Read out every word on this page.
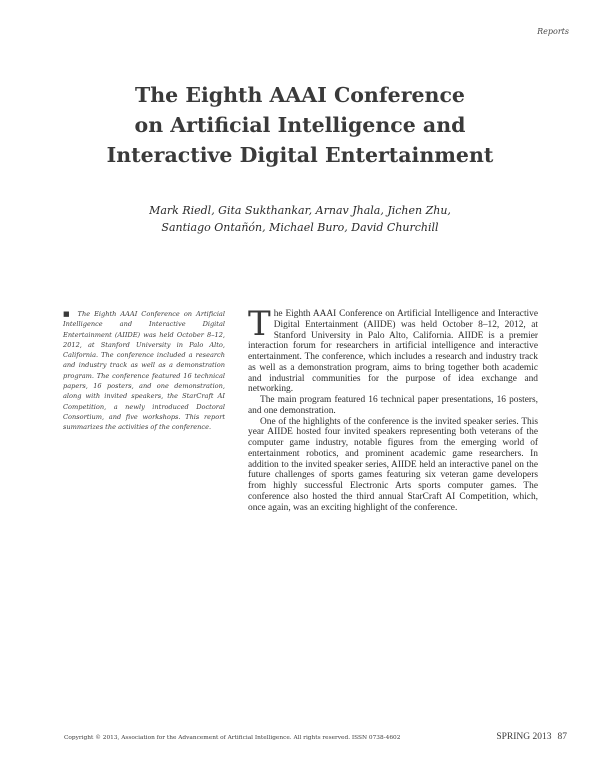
Reports
The Eighth AAAI Conference
on Artificial Intelligence and
Interactive Digital Entertainment
Mark Riedl, Gita Sukthankar, Arnav Jhala, Jichen Zhu,
Santiago Ontañón, Michael Buro, David Churchill
■ The Eighth AAAI Conference on Artificial Intelligence and Interactive Digital Entertainment (AIIDE) was held October 8–12, 2012, at Stanford University in Palo Alto, California. The conference included a research and industry track as well as a demonstration program. The conference featured 16 technical papers, 16 posters, and one demonstration, along with invited speakers, the StarCraft AI Competition, a newly introduced Doctoral Consortium, and five workshops. This report summarizes the activities of the conference.

The Eighth AAAI Conference on Artificial Intelligence and Interactive Digital Entertainment (AIIDE) was held October 8–12, 2012, at Stanford University in Palo Alto, California. AIIDE is a premier interaction forum for researchers in artificial intelligence and interactive entertainment. The conference, which includes a research and industry track as well as a demonstration program, aims to bring together both academic and industrial communities for the purpose of idea exchange and networking.

The main program featured 16 technical paper presentations, 16 posters, and one demonstration.

One of the highlights of the conference is the invited speaker series. This year AIIDE hosted four invited speakers representing both veterans of the computer game industry, notable figures from the emerging world of entertainment robotics, and prominent academic game researchers. In addition to the invited speaker series, AIIDE held an interactive panel on the future challenges of sports games featuring six veteran game developers from highly successful Electronic Arts sports computer games. The conference also hosted the third annual StarCraft AI Competition, which, once again, was an exciting highlight of the conference.

Copyright © 2013, Association for the Advancement of Artificial Intelligence. All rights reserved. ISSN 0738-4602	SPRING 2013 87
